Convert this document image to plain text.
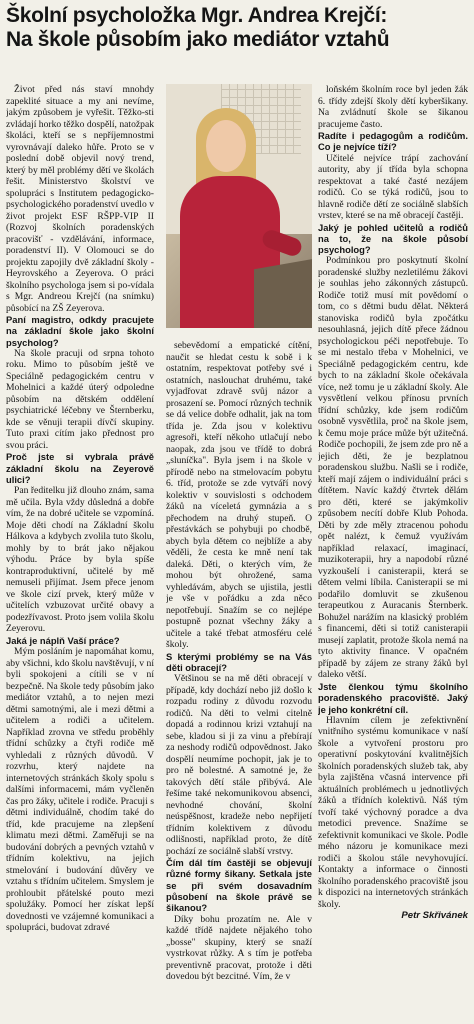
Školní psycholožka Mgr. Andrea Krejčí:
Na škole působím jako mediátor vztahů

Život před nás staví mnohdy zapeklité situace a my ani nevíme, jakým způsobem je vyřešit. Těžko-sti zvládají horko těžko dospělí, natožpak školáci, kteří se s nepříjemnostmi vyrovnávají daleko hůře. Proto se v poslední době objevil nový trend, který by měl problémy dětí ve školách řešit. Ministerstvo školství ve spolupráci s Institutem pedagogicko-psychologického poradenství uvedlo v život projekt ESF RŠPP-VIP II (Rozvoj školních poradenských pracovišť - vzdělávání, informace, poradenství II). V Olomouci se do projektu zapojily dvě základní školy - Heyrovského a Zeyerova. O práci školního psychologa jsem si po-vídala s Mgr. Andreou Krejčí (na snímku) působící na ZŠ Zeyerova.

Paní magistro, odkdy pracujete na základní škole jako školní psycholog?

Na škole pracuji od srpna tohoto roku. Mimo to působím ještě ve Speciálně pedagogickém centru v Mohelnici a každé úterý odpoledne působím na dětském oddělení psychiatrické léčebny ve Šternberku, kde se věnuji terapii dívčí skupiny. Tuto praxi cítím jako přednost pro svou práci.

Proč jste si vybrala právě základní školu na Zeyerově ulici?

Pan ředitelku již dlouho znám, sama mě učila. Byla vždy důsledná a dobře vím, že na dobré učitele se vzpomíná. Moje děti chodí na Základní školu Hálkova a kdybych zvolila tuto školu, mohly by to brát jako nějakou výhodu. Práce by byla spíše kontraproduktivní, učitelé by mě nemuseli přijímat. Jsem přece jenom ve škole cizí prvek, který může v učitelích vzbuzovat určité obavy a podezřívavost. Proto jsem volila školu Zeyerovu.

Jaká je náplň Vaší práce?

Mým posláním je napomáhat komu, aby všichni, kdo školu navštěvují, v ní byli spokojeni a cítili se v ní bezpečně. Na škole tedy působím jako mediátor vztahů, a to nejen mezi dětmi samotnými, ale i mezi dětmi a učitelem a rodiči a učitelem. Například zrovna ve středu proběhly třídní schůzky a čtyři rodiče mě vyhledali z různých důvodů. V rozvrhu, který najdete na internetových stránkách školy spolu s dalšími informacemi, mám vyčleněn čas pro žáky, učitele i rodiče. Pracuji s dětmi individuálně, chodím také do tříd, kde pracujeme na zlepšení klimatu mezi dětmi. Zaměřuji se na budování dobrých a pevných vztahů v třídním kolektivu, na jejich stmelování i budování důvěry ve vztahu s třídním učitelem. Smyslem je prohloubit přátelské pouto mezi spolužáky. Pomocí her získat lepší dovednosti ve vzájemné komunikaci a spolupráci, budovat zdravé

sebevědomí a empatické cítění, naučit se hledat cestu k sobě i k ostatním, respektovat potřeby své i ostatních, naslouchat druhému, také vyjadřovat zdravě svůj názor a prosazení se. Pomocí různých technik se dá velice dobře odhalit, jak na tom třída je. Zda jsou v kolektivu agresoři, kteří někoho utlačují nebo naopak, zda jsou ve třídě to dobrá „sluníčka". Byla jsem i na škole v přírodě nebo na stmelovacím pobytu 6. tříd, protože se zde vytváří nový kolektiv v souvislosti s odchodem žáků na víceletá gymnázia a s přechodem na druhý stupeň. O přestávkách se pohybuji po chodbě, abych byla dětem co nejblíže a aby věděli, že cesta ke mně není tak daleká. Děti, o kterých vím, že mohou být ohrožené, sama vyhledávám, abych se ujistila, jestli je vše v pořádku a zda něco nepotřebují. Snažím se co nejlépe postupně poznat všechny žáky a učitele a také třebat atmosféru celé školy.

S kterými problémy se na Vás děti obracejí?

Většinou se na mě děti obracejí v případě, kdy dochází nebo již došlo k rozpadu rodiny z důvodu rozvodu rodičů. Na děti to velmi citelně dopadá a rodinnou krizi vztahují na sebe, kladou si ji za vinu a přebírají za neshody rodičů odpovědnost. Jako dospělí neumíme pochopit, jak je to pro ně bolestné. A samotné je, že takových dětí stále přibývá. Ale řešíme také nekomunikovou absenci, nevhodné chování, školní neúspěšnost, kradeže nebo nepřijetí třídním kolektivem z důvodu odlišnosti, například proto, že dítě pochází ze sociálně slabší vrstvy.

Čím dál tím častěji se objevují různé formy šikany. Setkala jste se při svém dosavadním působení na škole právě se šikanou?

Díky bohu prozatím ne. Ale v každé třídě najdete nějakého toho „bosse" skupiny, který se snaží vystrkovat růžky. A s tím je potřeba preventivně pracovat, protože i děti dovedou být bezcitné. Vím, že v

loňském školním roce byl jeden žák 6. třídy zdejší školy dětí kyberšikany. Na zvládnutí škole se šikanou pracujeme často.

Radíte i pedagogům a rodičům. Co je nejvíce tíží?

Učitelé nejvíce trápí zachování autority, aby jí třída byla schopna respektovat a také časté nezájem rodičů. Co se týká rodičů, jsou to hlavně rodiče dětí ze sociálně slabších vrstev, které se na mě obracejí častěji.

Jaký je pohled učitelů a rodičů na to, že na škole působí psycholog?

Podmínkou pro poskytnutí školní poradenské služby nezletilému žákovi je souhlas jeho zákonných zástupců. Rodiče totiž musí mít povědomí o tom, co s dětmi budu dělat. Některá stanoviska rodičů byla zpočátku nesouhlasná, jejich dítě přece žádnou psychologickou péči nepotřebuje. To se mi nestalo třeba v Mohelnici, ve Speciálně pedagogickém centru, kde bych to na základní škole očekávala více, než tomu je u základní školy. Ale vysvětlení velkou přínosu prvních třídní schůzky, kde jsem rodičům osobně vysvětlila, proč na škole jsem, k čemu moje práce může být užitečná. Rodiče pochopili, že jsem zde pro ně a jejich děti, že je bezplatnou poradenskou službu. Našli se i rodiče, kteří mají zájem o individuální práci s dítětem. Navíc každý čtvrtek dělám pro děti, které se jakýmkoliv způsobem necítí dobře Klub Pohoda. Děti by zde měly ztracenou pohodu opět nalézt, k čemuž využívám například relaxací, imaginací, muzikoterapii, hry a napodobí různé vyzkoušelí i canisterapii, která se dětem velmi líbila. Canisterapii se mi podařilo domluvit se zkušenou terapeutkou z Auracanis Šternberk. Bohužel narážím na klasický problém s financemi, děti si totiž canisterapii musejí zaplatit, protože škola nemá na tyto aktivity finance. V opačném případě by zájem ze strany žáků byl daleko větší.

Jste členkou týmu školního poradenského pracoviště. Jaký je jeho konkrétní cíl.

Hlavním cílem je zefektivnění vnitřního systému komunikace v naší škole a vytvoření prostoru pro operativní poskytování kvalitnějších školních poradenských služeb tak, aby byla zajištěna včasná intervence při aktuálních problémech u jednotlivých žáků a třídních kolektivů. Náš tým tvoří také výchovný poradce a dva metodici prevence. Snažíme se zefektivnit komunikaci ve škole. Podle mého názoru je komunikace mezi rodiči a školou stále nevyhovující. Kontakty a informace o činnosti školního poradenského pracoviště jsou k dispozici na internetových stránkách školy.

Petr Skřivánek
